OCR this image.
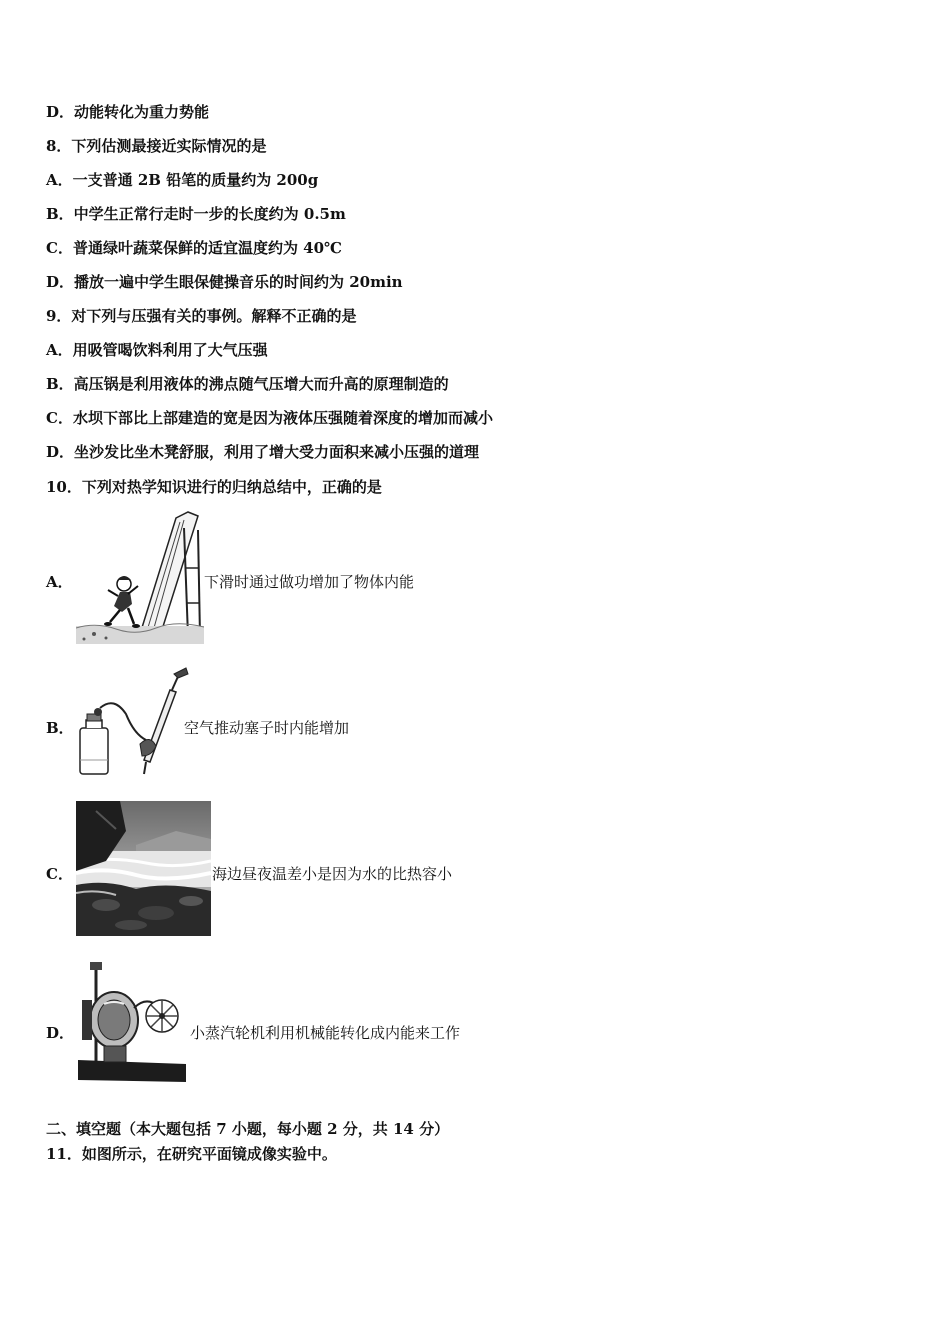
D．动能转化为重力势能
8．下列估测最接近实际情况的是
A．一支普通 2B 铅笔的质量约为 200g
B．中学生正常行走时一步的长度约为 0.5m
C．普通绿叶蔬菜保鲜的适宜温度约为 40℃
D．播放一遍中学生眼保健操音乐的时间约为 20min
9．对下列与压强有关的事例。解释不正确的是
A．用吸管喝饮料利用了大气压强
B．高压锅是利用液体的沸点随气压增大而升高的原理制造的
C．水坝下部比上部建造的宽是因为液体压强随着深度的增加而减小
D．坐沙发比坐木凳舒服，利用了增大受力面积来减小压强的道理
10．下列对热学知识进行的归纳总结中，正确的是
A．	下滑时通过做功增加了物体内能
B．	空气推动塞子时内能增加
C．	海边昼夜温差小是因为水的比热容小
D．	小蒸汽轮机利用机械能转化成内能来工作
二、填空题（本大题包括 7 小题，每小题 2 分，共 14 分）
11．如图所示，在研究平面镜成像实验中。
